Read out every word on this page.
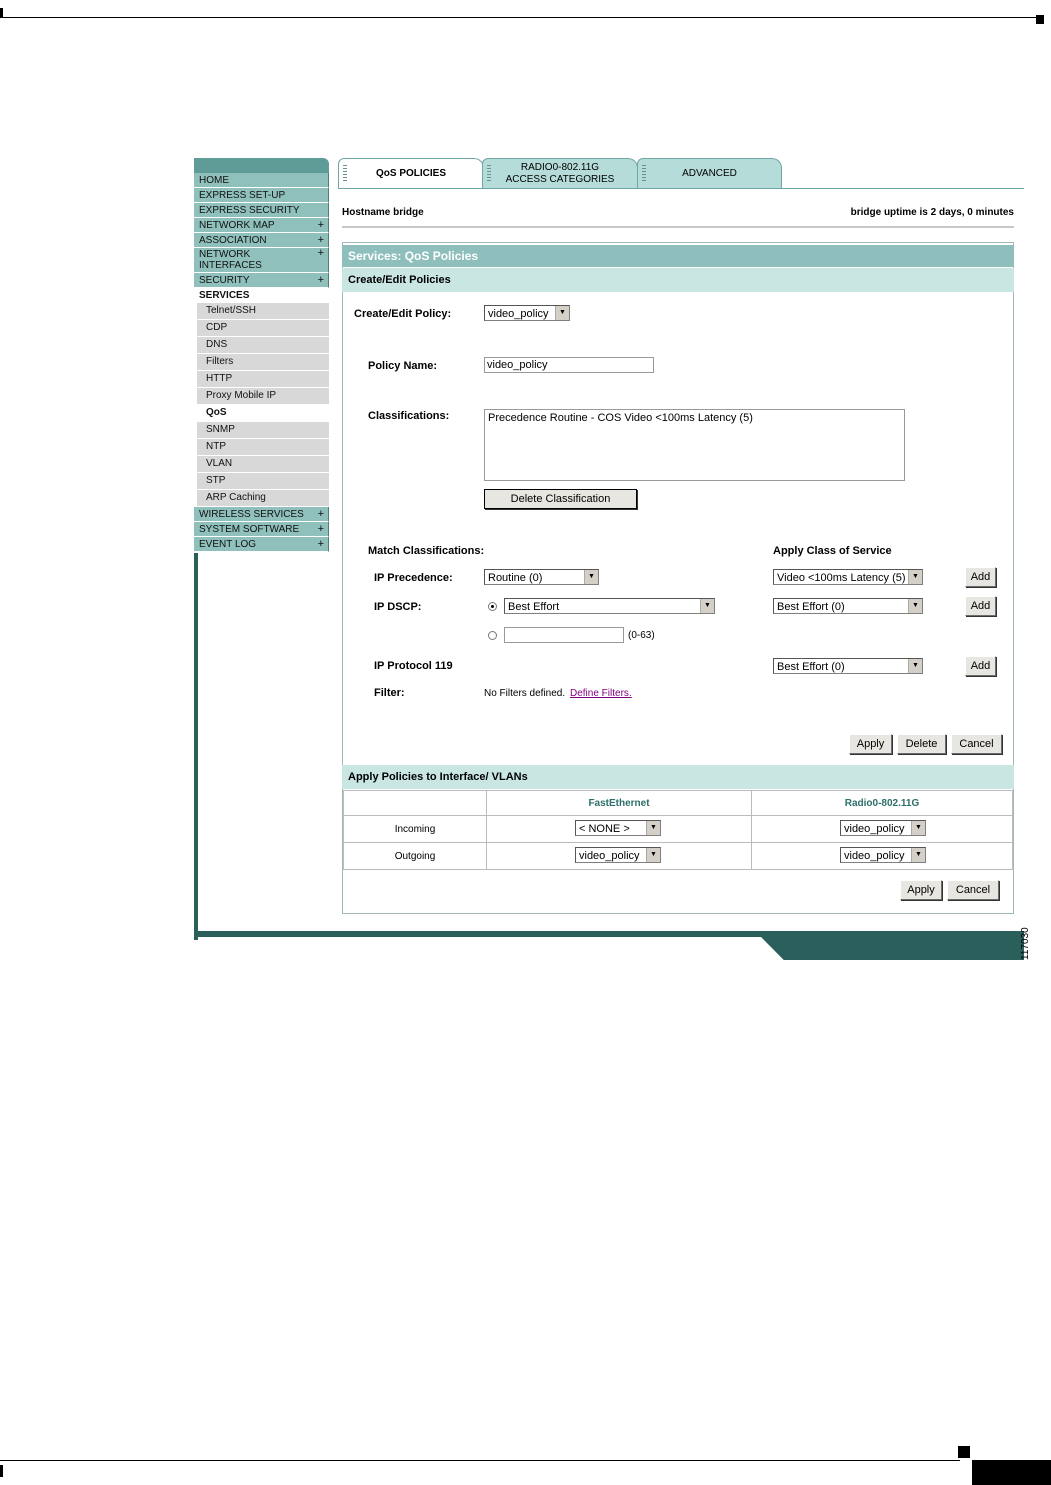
HOME
EXPRESS SET-UP
EXPRESS SECURITY
NETWORK MAP	+
ASSOCIATION	+
NETWORK
INTERFACES
+
SECURITY	+
SERVICES
Telnet/SSH
CDP
DNS
Filters
HTTP
Proxy Mobile IP
QoS
SNMP
NTP
VLAN
STP
ARP Caching
WIRELESS SERVICES +
SYSTEM SOFTWARE +
EVENT LOG	+
QoS POLICIES
RADIO0-802.11G
ACCESS CATEGORIES
ADVANCED
Hostname bridge	bridge uptime is 2 days, 0 minutes
Services: QoS Policies
Create/Edit Policies
Create/Edit Policy:	video_policy	▼
Policy Name:	video_policy
Classifications:	Precedence Routine - COS Video <100ms Latency (5)
Delete Classification
Match Classifications:	Apply Class of Service
IP Precedence:	Routine (0)	▼	Video <100ms Latency (5) ▼	Add
IP DSCP:	Best Effort	▼	Best Effort (0)	▼	Add
(0-63)
IP Protocol 119	Best Effort (0)	▼	Add
Filter:	No Filters defined. Define Filters.
Apply	Delete	Cancel
Apply Policies to Interface/ VLANs
	FastEthernet	Radio0-802.11G
Incoming	< NONE > ▼	video_policy ▼

Outgoing	video_policy ▼	video_policy ▼
Apply	Cancel
117030
